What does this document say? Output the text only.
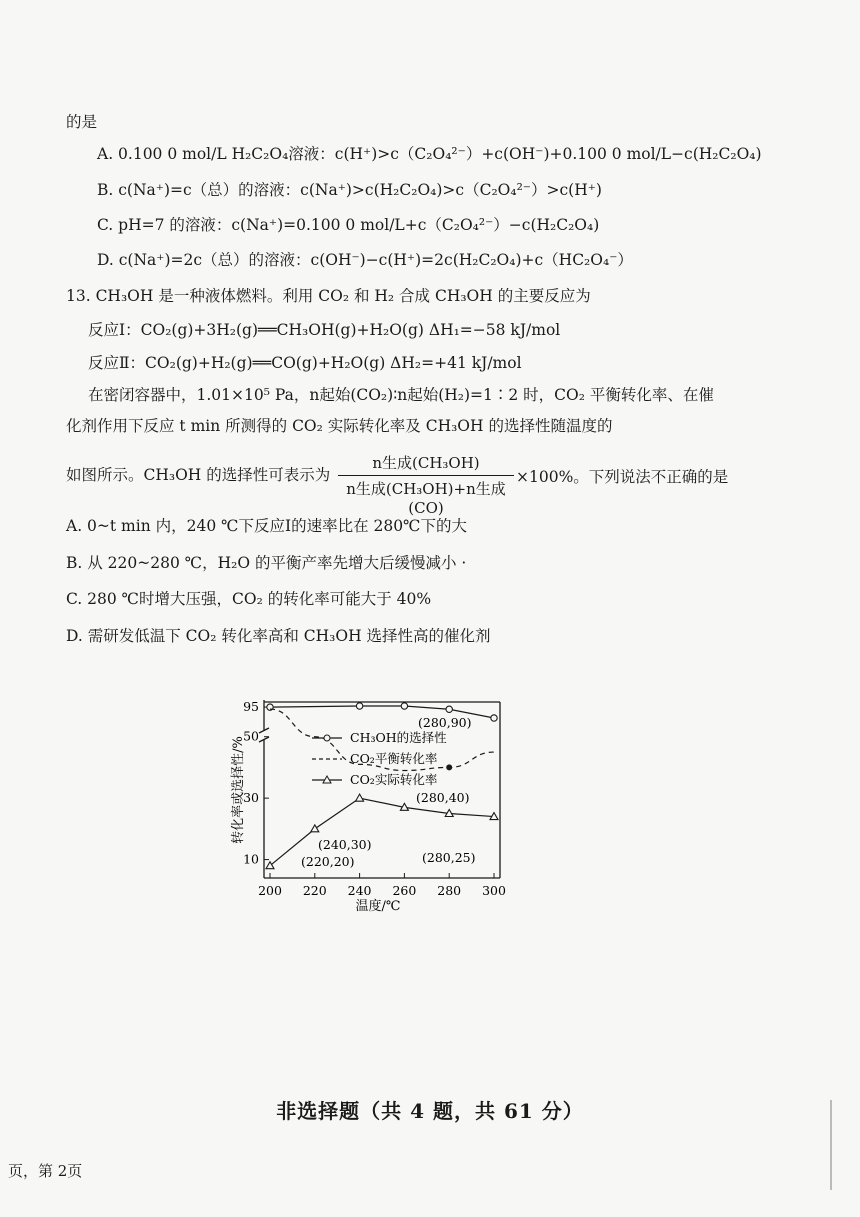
的是
A. 0.100 0 mol/L H₂C₂O₄溶液：c(H⁺)>c（C₂O₄²⁻）+c(OH⁻)+0.100 0 mol/L−c(H₂C₂O₄)
B. c(Na⁺)=c（总）的溶液：c(Na⁺)>c(H₂C₂O₄)>c（C₂O₄²⁻）>c(H⁺)
C. pH=7 的溶液：c(Na⁺)=0.100 0 mol/L+c（C₂O₄²⁻）−c(H₂C₂O₄)
D. c(Na⁺)=2c（总）的溶液：c(OH⁻)−c(H⁺)=2c(H₂C₂O₄)+c（HC₂O₄⁻）
13. CH₃OH 是一种液体燃料。利用 CO₂ 和 H₂ 合成 CH₃OH 的主要反应为
反应Ⅰ：CO₂(g)+3H₂(g)══CH₃OH(g)+H₂O(g) ΔH₁=−58 kJ/mol
反应Ⅱ：CO₂(g)+H₂(g)══CO(g)+H₂O(g) ΔH₂=+41 kJ/mol
在密闭容器中，1.01×10⁵ Pa，n起始(CO₂)∶n起始(H₂)=1∶2 时，CO₂ 平衡转化率、在催
化剂作用下反应 t min 所测得的 CO₂ 实际转化率及 CH₃OH 的选择性随温度的
如图所示。CH₃OH 的选择性可表示为
n生成(CH₃OH)
n生成(CH₃OH)+n生成(CO)
×100%。下列说法不正确的是
A. 0~t min 内，240 ℃下反应Ⅰ的速率比在 280℃下的大
B. 从 220~280 ℃，H₂O 的平衡产率先增大后缓慢减小 ·
C. 280 ℃时增大压强，CO₂ 的转化率可能大于 40%
D. 需研发低温下 CO₂ 转化率高和 CH₃OH 选择性高的催化剂
200 220 240 260 280 300
10
30
50
95
CH₃OH的选择性
CO₂平衡转化率
CO₂实际转化率
(280,90)
(280,40)
(240,30)
(220,20)	(280,25)
温度/℃
转化率或选择性/%
非选择题（共 4 题，共 61 分）
页，第 2页
